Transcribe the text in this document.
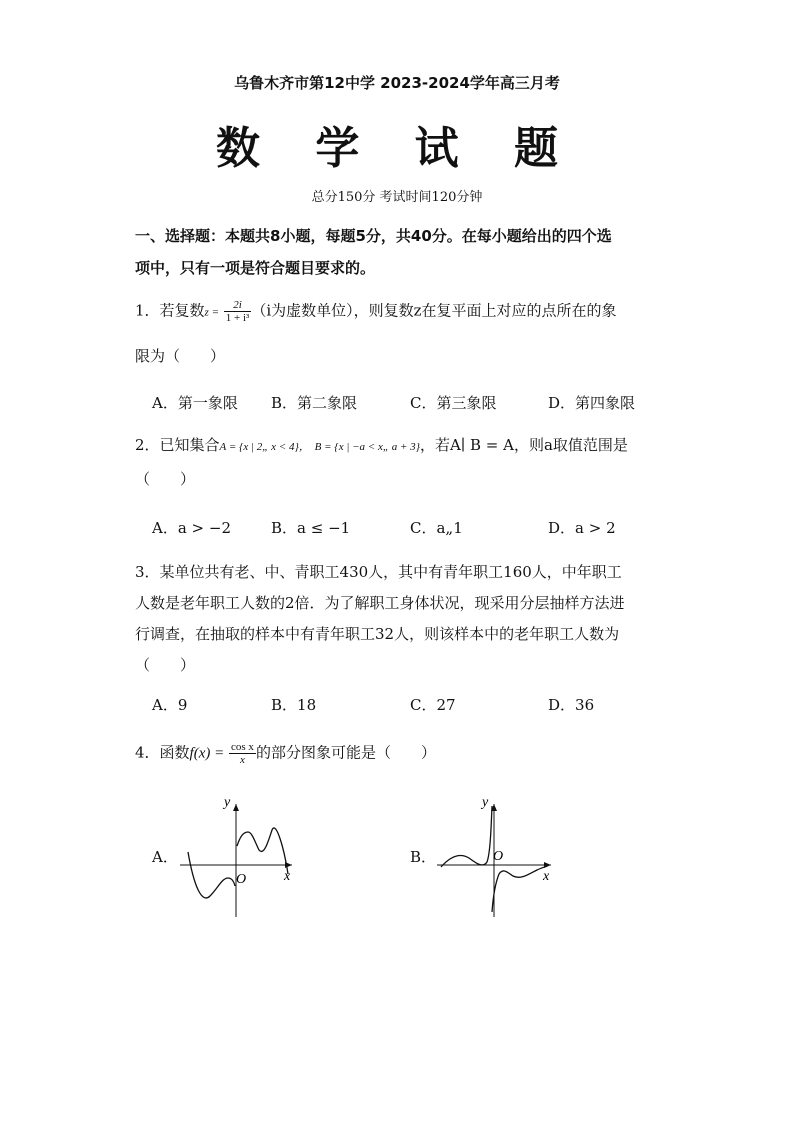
乌鲁木齐市第12中学 2023-2024学年高三月考
数 学 试 题
总分150分 考试时间120分钟
一、选择题：本题共8小题，每题5分，共40分。在每小题给出的四个选
项中，只有一项是符合题目要求的。
1．若复数$z = \frac{2i}{\text{1 + i³}} (i$为虚数单位），则复数z在复平面上对应的点所在的象
限为（　　）
A．第一象限 B．第二象限	C．第三象限	D．第四象限
2．已知集合A = {x | 2„ x < 4}， B = {x | −a < x„ a + 3}，若A∣ B = A，则a取值范围是
（　　）
A．a > −2	B．a ≤ −1	C．a„1	D．a > 2
3．某单位共有老、中、青职工430人，其中有青年职工160人，中年职工
人数是老年职工人数的2倍．为了解职工身体状况，现采用分层抽样方法进
行调查，在抽取的样本中有青年职工32人，则该样本中的老年职工人数为
（　　）
A．9	B．18	C．27	D．36
4．函数$f(x) = \frac{\text{cos x}}{x}$ 的部分图象可能是（　　）
A．
y
x
O
B．
y
x
O
